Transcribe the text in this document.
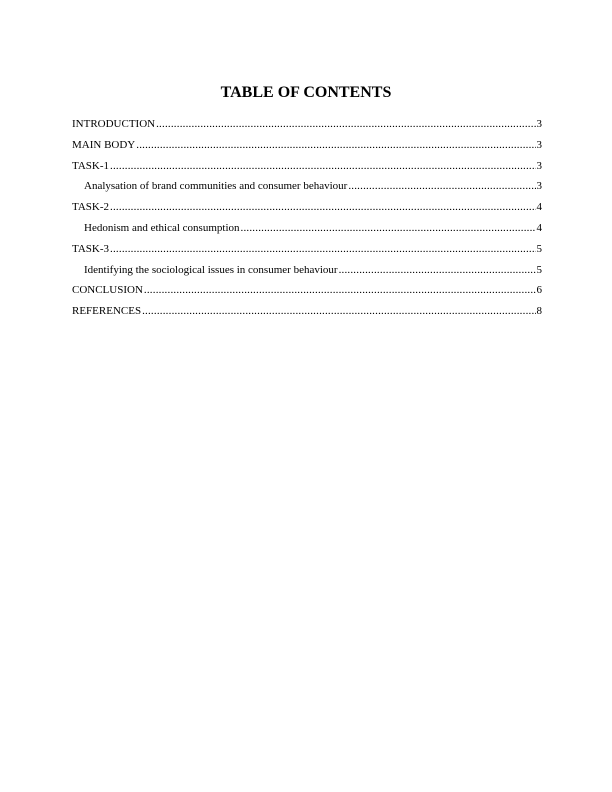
TABLE OF CONTENTS
INTRODUCTION .....	3
MAIN BODY .....	3
TASK-1 .....	3
Analysation of brand communities and consumer behaviour .....	3
TASK-2 .....	4
Hedonism and ethical consumption .....	4
TASK-3 .....	5
Identifying the sociological issues in consumer behaviour .....	5
CONCLUSION .....	6
REFERENCES .....	8
